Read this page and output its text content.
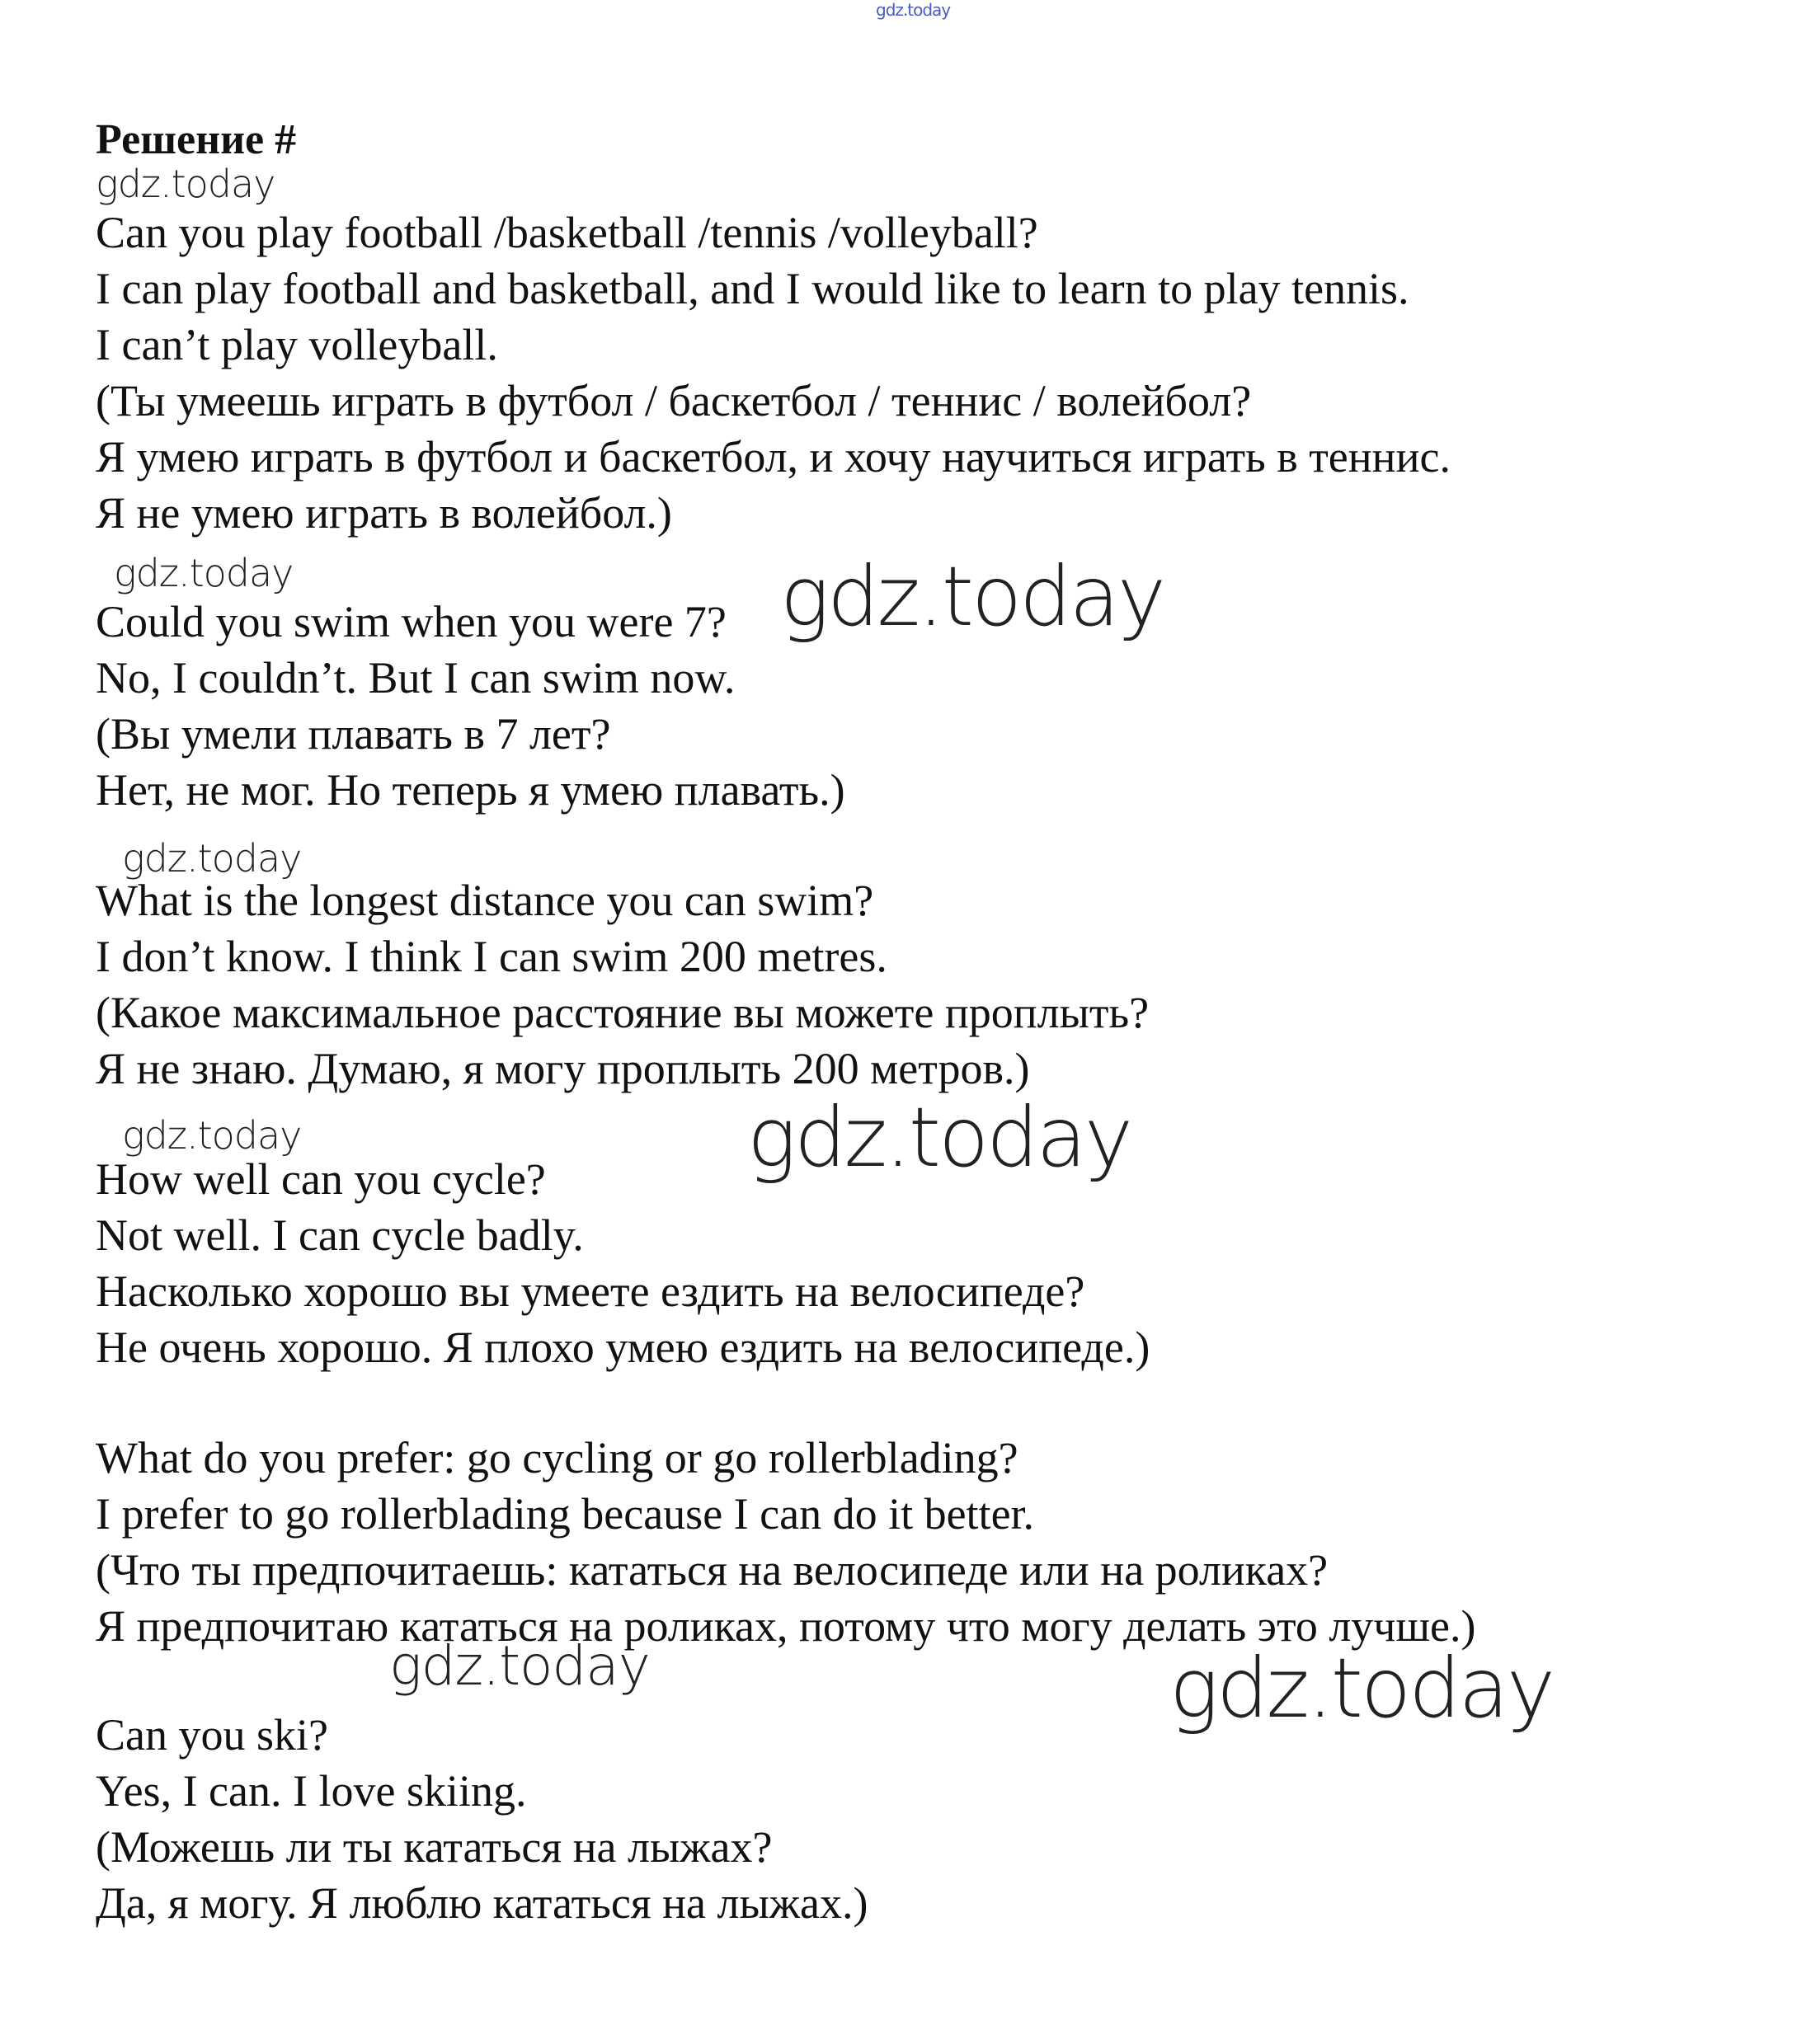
gdz.today
Решение #
gdz.today

Can you play football /basketball /tennis /volleyball?

I can play football and basketball, and I would like to learn to play tennis.

I can’t play volleyball.

(Ты умеешь играть в футбол / баскетбол / теннис / волейбол?

Я умею играть в футбол и баскетбол, и хочу научиться играть в теннис.

Я не умею играть в волейбол.)

gdz.today

Could you swim when you were 7? gdz.today

No, I couldn’t. But I can swim now.

(Вы умели плавать в 7 лет?

Нет, не мог. Но теперь я умею плавать.)

gdz.today

What is the longest distance you can swim?

I don’t know. I think I can swim 200 metres.

(Какое максимальное расстояние вы можете проплыть?

Я не знаю. Думаю, я могу проплыть 200 метров.)

gdz.today	gdz.today

How well can you cycle?

Not well. I can cycle badly.

Насколько хорошо вы умеете ездить на велосипеде?

Не очень хорошо. Я плохо умею ездить на велосипеде.)

What do you prefer: go cycling or go rollerblading?

I prefer to go rollerblading because I can do it better.

(Что ты предпочитаешь: кататься на велосипеде или на роликах?

Я предпочитаю кататься на роликах, потому что могу делать это лучше.)

gdz.today	gdz.today

Can you ski?

Yes, I can. I love skiing.

(Можешь ли ты кататься на лыжах?

Да, я могу. Я люблю кататься на лыжах.)
